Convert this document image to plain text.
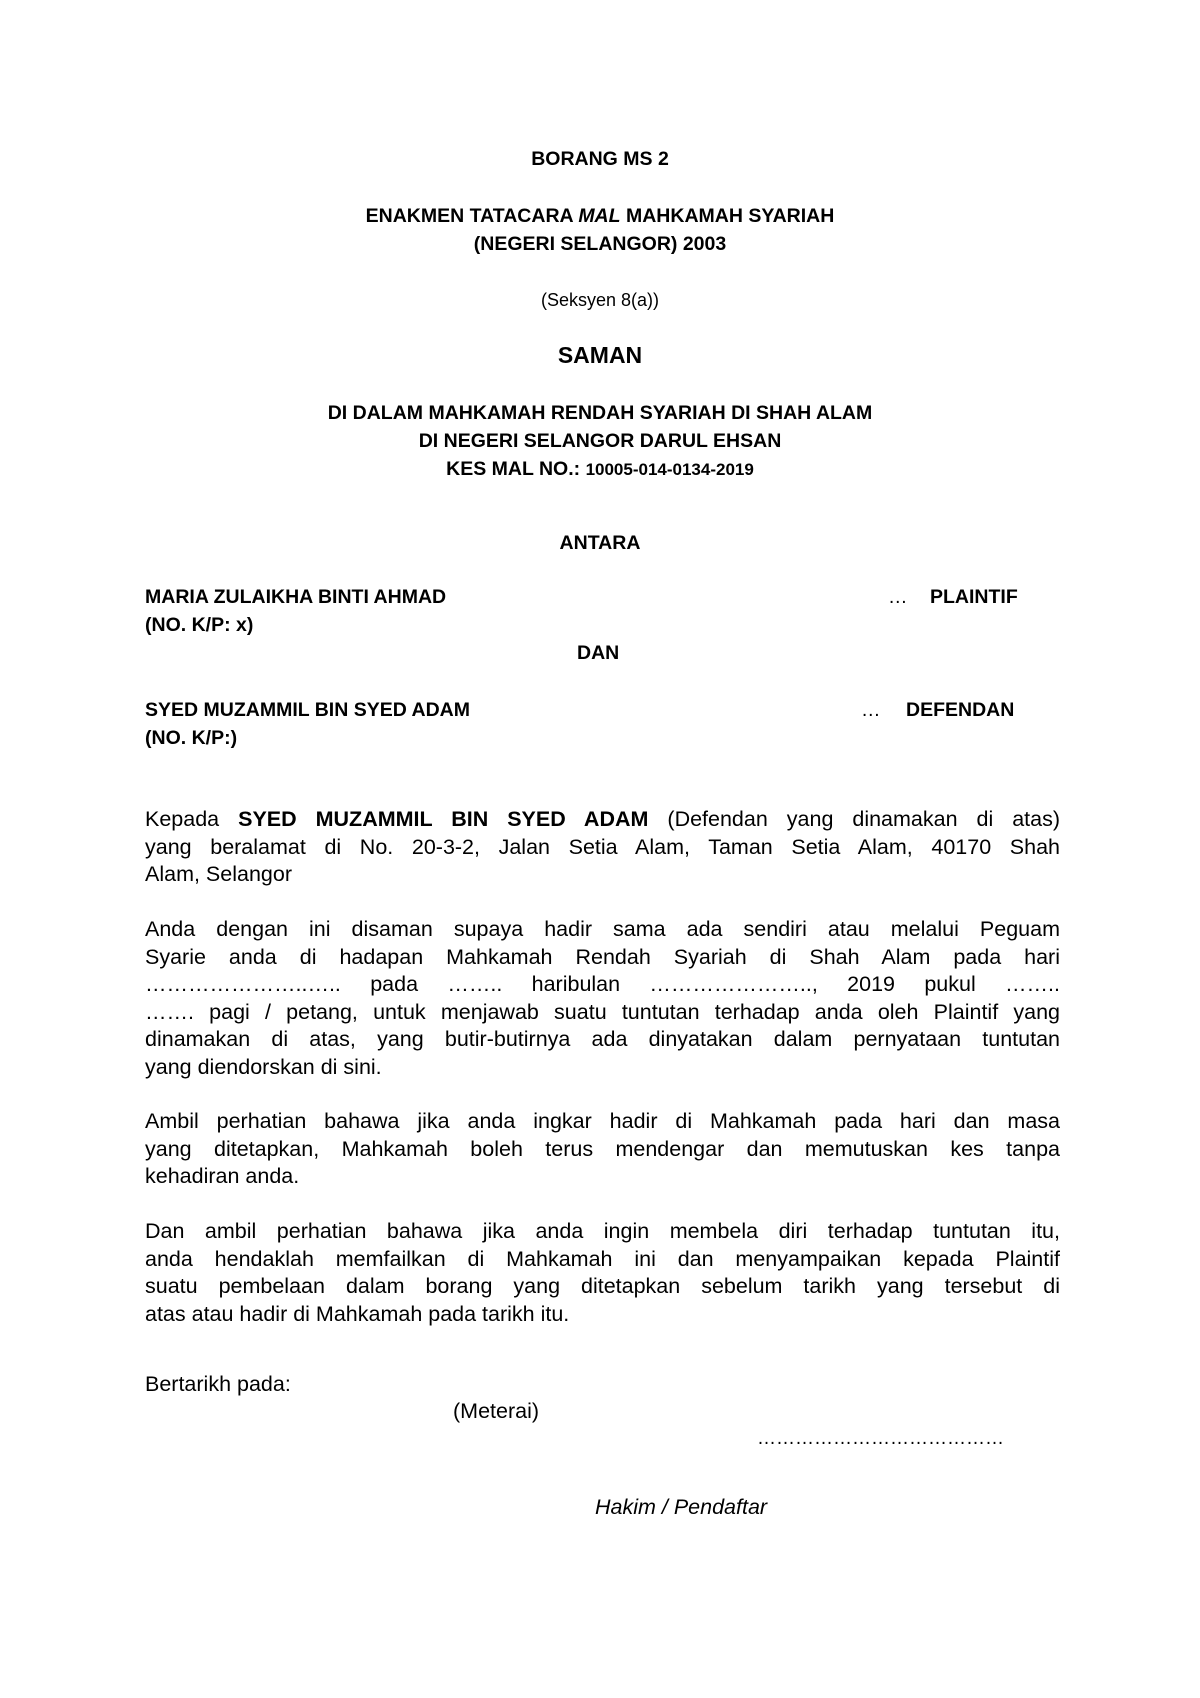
BORANG MS 2
ENAKMEN TATACARA MAL MAHKAMAH SYARIAH
(NEGERI SELANGOR) 2003
(Seksyen 8(a))
SAMAN
DI DALAM MAHKAMAH RENDAH SYARIAH DI SHAH ALAM
DI NEGERI SELANGOR DARUL EHSAN
KES MAL NO.: 10005-014-0134-2019
ANTARA
MARIA ZULAIKHA BINTI AHMAD	… PLAINTIF
(NO. K/P: x)
DAN
SYED MUZAMMIL BIN SYED ADAM	… DEFENDAN
(NO. K/P:)
Kepada SYED MUZAMMIL BIN SYED ADAM (Defendan yang dinamakan di atas)
yang beralamat di No. 20-3-2, Jalan Setia Alam, Taman Setia Alam, 40170 Shah
Alam, Selangor
Anda dengan ini disaman supaya hadir sama ada sendiri atau melalui Peguam
Syarie anda di hadapan Mahkamah Rendah Syariah di Shah Alam pada hari
…………………..….. pada …….. haribulan ………………….., 2019 pukul ……..
……. pagi / petang, untuk menjawab suatu tuntutan terhadap anda oleh Plaintif yang
dinamakan di atas, yang butir-butirnya ada dinyatakan dalam pernyataan tuntutan
yang diendorskan di sini.
Ambil perhatian bahawa jika anda ingkar hadir di Mahkamah pada hari dan masa
yang ditetapkan, Mahkamah boleh terus mendengar dan memutuskan kes tanpa
kehadiran anda.
Dan ambil perhatian bahawa jika anda ingin membela diri terhadap tuntutan itu,
anda hendaklah memfailkan di Mahkamah ini dan menyampaikan kepada Plaintif
suatu pembelaan dalam borang yang ditetapkan sebelum tarikh yang tersebut di
atas atau hadir di Mahkamah pada tarikh itu.
Bertarikh pada:
(Meterai)
…………………………………
Hakim / Pendaftar
